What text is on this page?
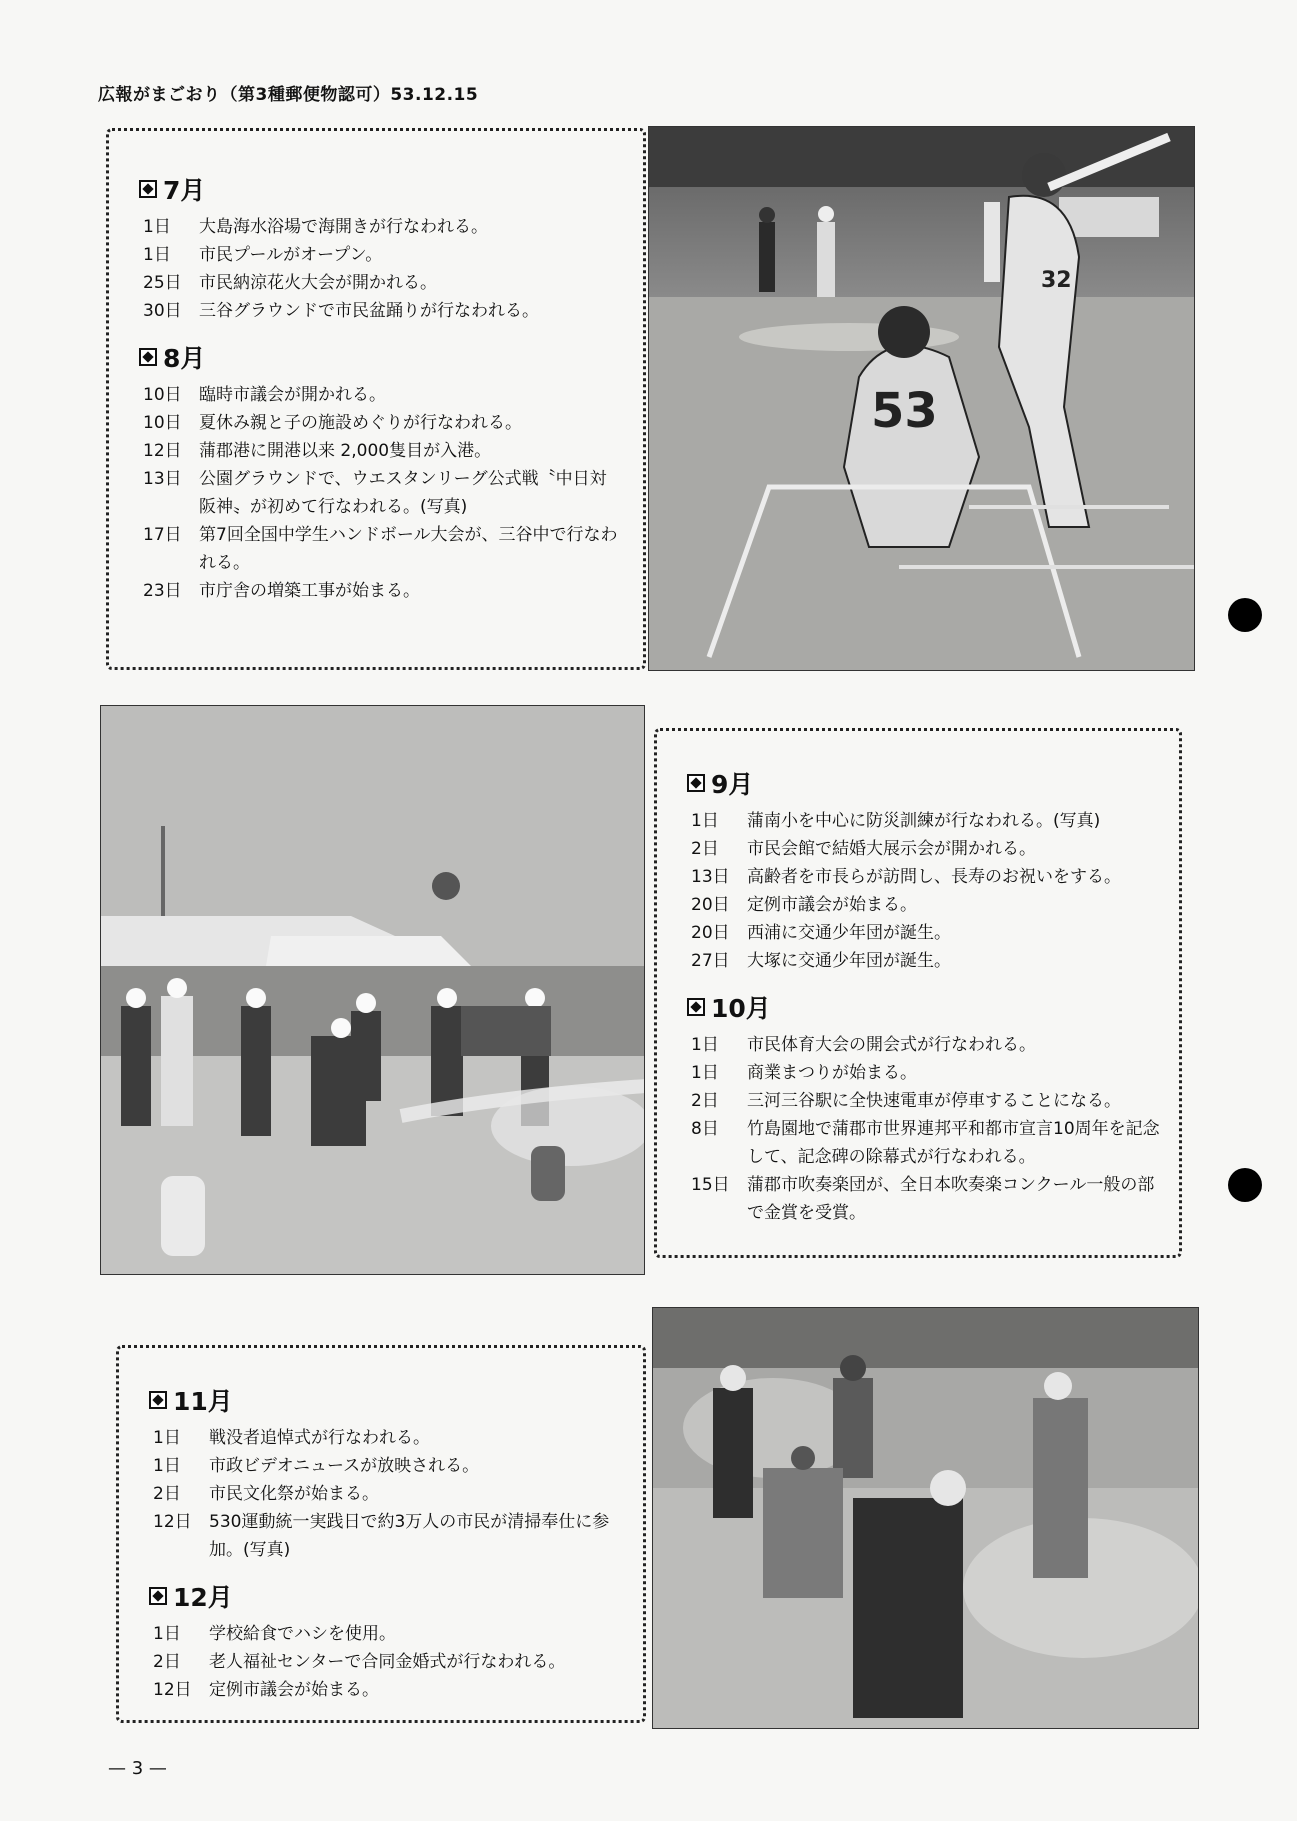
広報がまごおり（第3種郵便物認可）53.12.15
7月
1日	大島海水浴場で海開きが行なわれる。
1日	市民プールがオープン。
25日	市民納涼花火大会が開かれる。
30日	三谷グラウンドで市民盆踊りが行なわれる。
8月
10日	臨時市議会が開かれる。
10日	夏休み親と子の施設めぐりが行なわれる。
12日	蒲郡港に開港以来 2,000隻目が入港。
13日	公園グラウンドで、ウエスタンリーグ公式戦〝中日対阪神〟が初めて行なわれる。(写真)
17日	第7回全国中学生ハンドボール大会が、三谷中で行なわれる。
23日	市庁舎の増築工事が始まる。
53
32
9月
1日	蒲南小を中心に防災訓練が行なわれる。(写真)
2日	市民会館で結婚大展示会が開かれる。
13日	高齢者を市長らが訪問し、長寿のお祝いをする。
20日	定例市議会が始まる。
20日	西浦に交通少年団が誕生。
27日	大塚に交通少年団が誕生。
10月
1日	市民体育大会の開会式が行なわれる。
1日	商業まつりが始まる。
2日	三河三谷駅に全快速電車が停車することになる。
8日	竹島園地で蒲郡市世界連邦平和都市宣言10周年を記念して、記念碑の除幕式が行なわれる。
15日	蒲郡市吹奏楽団が、全日本吹奏楽コンクール一般の部で金賞を受賞。
11月
1日	戦没者追悼式が行なわれる。
1日	市政ビデオニュースが放映される。
2日	市民文化祭が始まる。
12日	530運動統一実践日で約3万人の市民が清掃奉仕に参加。(写真)
12月
1日	学校給食でハシを使用。
2日	老人福祉センターで合同金婚式が行なわれる。
12日	定例市議会が始まる。
— 3 —
